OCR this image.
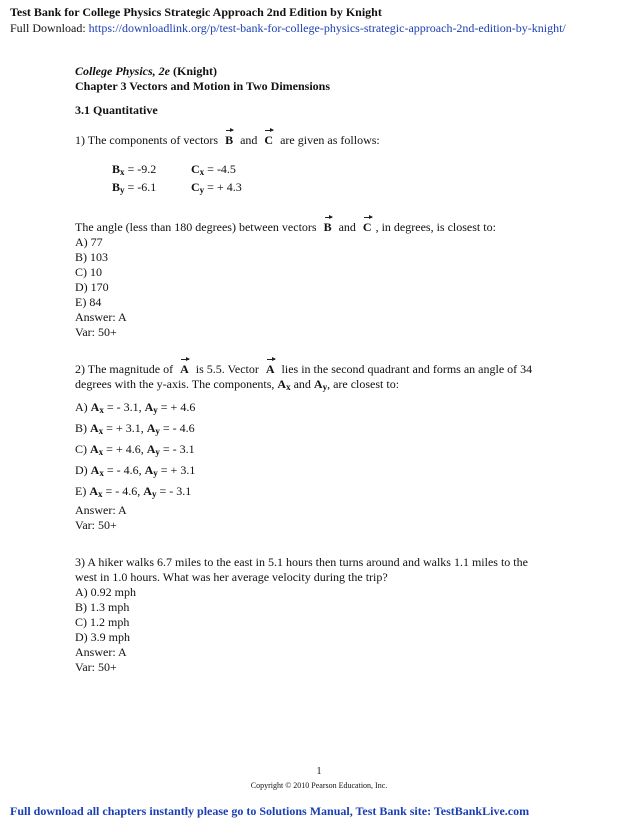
Test Bank for College Physics Strategic Approach 2nd Edition by Knight
Full Download: https://downloadlink.org/p/test-bank-for-college-physics-strategic-approach-2nd-edition-by-knight/
College Physics, 2e (Knight)
Chapter 3 Vectors and Motion in Two Dimensions
3.1 Quantitative
1) The components of vectors B and C are given as follows:
$B_x = -9.2$	$C_x = -4.5$
$B_y = -6.1$	$C_y$ = + 4.3
The angle (less than 180 degrees) between vectors B and C , in degrees, is closest to:
A) 77
B) 103
C) 10
D) 170
E) 84
Answer: A
Var: 50+
2) The magnitude of A is 5.5. Vector A lies in the second quadrant and forms an angle of 34
degrees with the y-axis. The components, $A_x$ and $A_y$, are closest to:
A) $A_x$ = - 3.1, $A_y$ = + 4.6
B) $A_x$ = + 3.1, $A_y$ = - 4.6
C) $A_x$ = + 4.6, $A_y$ = - 3.1
D) $A_x$ = - 4.6, $A_y$ = + 3.1
E) $A_x$ = - 4.6, $A_y$ = - 3.1
Answer: A
Var: 50+
3) A hiker walks 6.7 miles to the east in 5.1 hours then turns around and walks 1.1 miles to the
west in 1.0 hours. What was her average velocity during the trip?
A) 0.92 mph
B) 1.3 mph
C) 1.2 mph
D) 3.9 mph
Answer: A
Var: 50+
1
Copyright © 2010 Pearson Education, Inc.
Full download all chapters instantly please go to Solutions Manual, Test Bank site: TestBankLive.com
